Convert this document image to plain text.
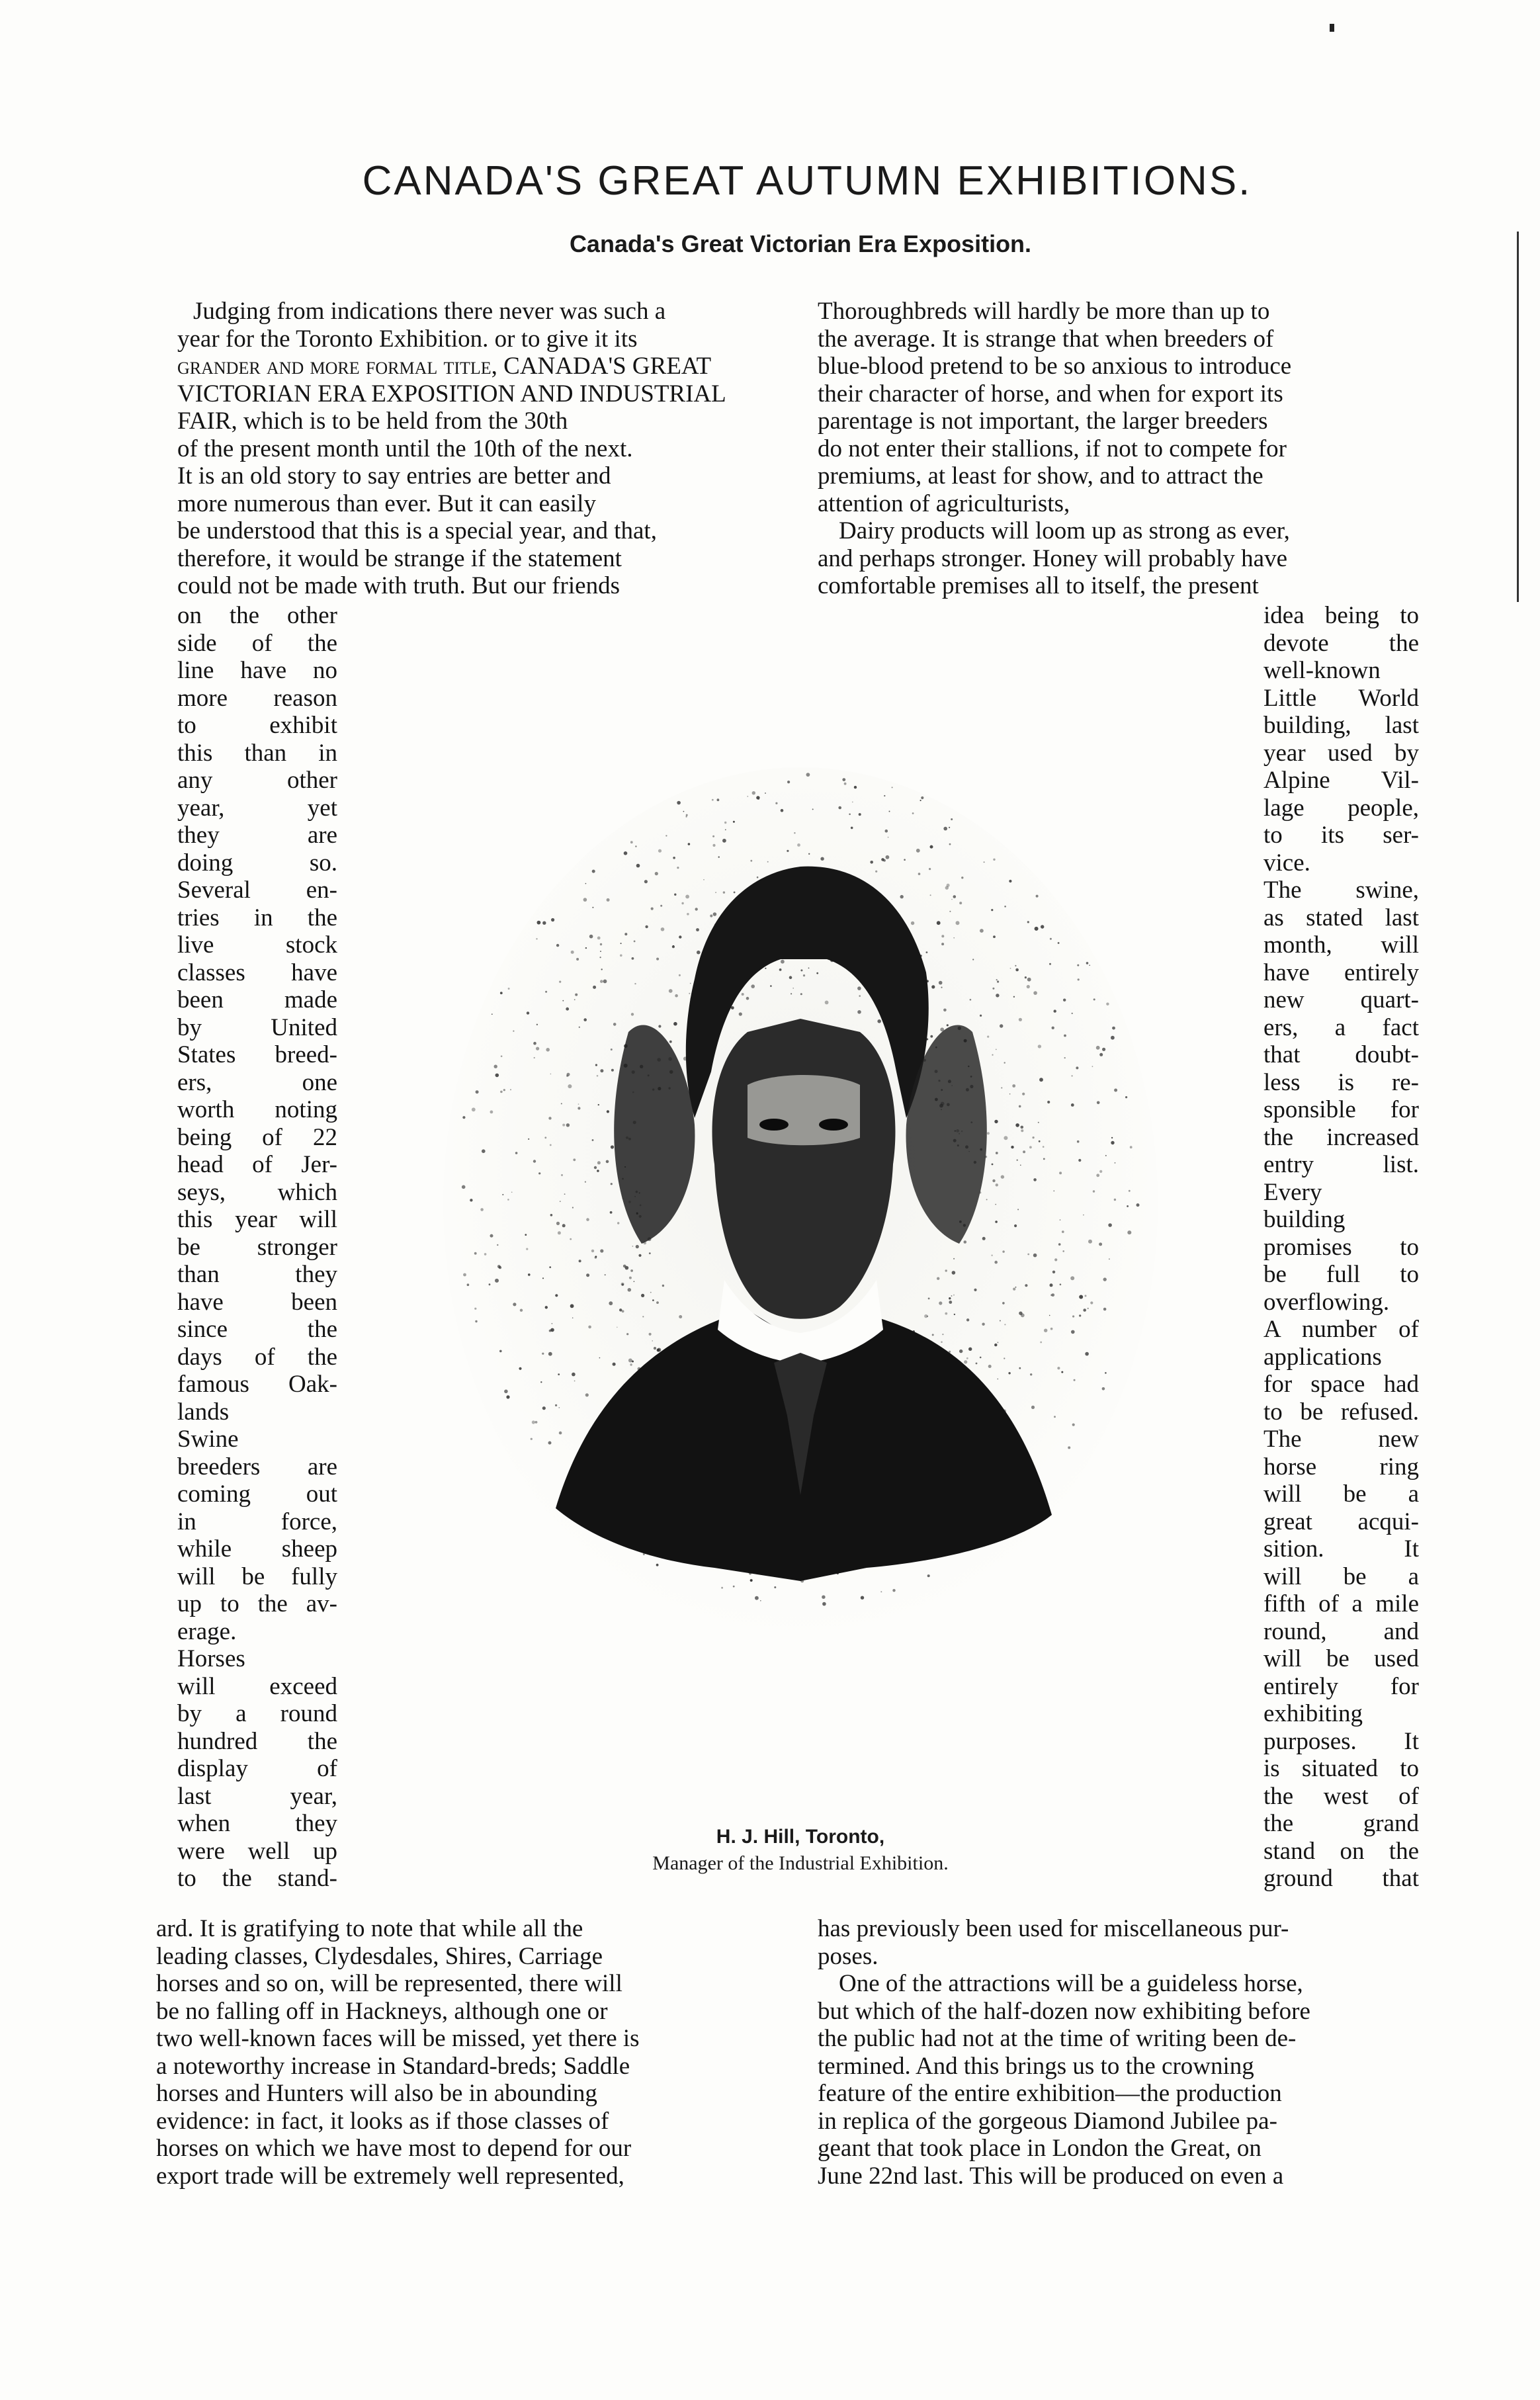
CANADA'S GREAT AUTUMN EXHIBITIONS.
Canada's Great Victorian Era Exposition.
Judging from indications there never was such a
year for the Toronto Exhibition. or to give it its
grander and more formal title, CANADA'S GREAT
VICTORIAN ERA EXPOSITION AND INDUSTRIAL
FAIR, which is to be held from the 30th
of the present month until the 10th of the next.
It is an old story to say entries are better and
more numerous than ever. But it can easily
be understood that this is a special year, and that,
therefore, it would be strange if the statement
could not be made with truth. But our friends
Thoroughbreds will hardly be more than up to
the average. It is strange that when breeders of
blue-blood pretend to be so anxious to introduce
their character of horse, and when for export its
parentage is not important, the larger breeders
do not enter their stallions, if not to compete for
premiums, at least for show, and to attract the
attention of agriculturists,
Dairy products will loom up as strong as ever,
and perhaps stronger. Honey will probably have
comfortable premises all to itself, the present
on the other
side of the
line have no
more reason
to exhibit
this than in
any other
year, yet
they are
doing so.
Several en-
tries in the
live stock
classes have
been made
by United
States breed-
ers, one
worth noting
being of 22
head of Jer-
seys, which
this year will
be stronger
than they
have been
since the
days of the
famous Oak-
lands
Swine
breeders are
coming out
in force,
while sheep
will be fully
up to the av-
erage.
Horses
will exceed
by a round
hundred the
display of
last year,
when they
were well up
to the stand-
idea being to
devote the
well-known
Little World
building, last
year used by
Alpine Vil-
lage people,
to its ser-
vice.
The swine,
as stated last
month, will
have entirely
new quart-
ers, a fact
that doubt-
less is re-
sponsible for
the increased
entry list.
Every
building
promises to
be full to
overflowing.
A number of
applications
for space had
to be refused.
The new
horse ring
will be a
great acqui-
sition. It
will be a
fifth of a mile
round, and
will be used
entirely for
exhibiting
purposes. It
is situated to
the west of
the grand
stand on the
ground that
H. J. Hill, Toronto,
Manager of the Industrial Exhibition.
ard. It is gratifying to note that while all the
leading classes, Clydesdales, Shires, Carriage
horses and so on, will be represented, there will
be no falling off in Hackneys, although one or
two well-known faces will be missed, yet there is
a noteworthy increase in Standard-breds; Saddle
horses and Hunters will also be in abounding
evidence: in fact, it looks as if those classes of
horses on which we have most to depend for our
export trade will be extremely well represented,
has previously been used for miscellaneous pur-
poses.
One of the attractions will be a guideless horse,
but which of the half-dozen now exhibiting before
the public had not at the time of writing been de-
termined. And this brings us to the crowning
feature of the entire exhibition—the production
in replica of the gorgeous Diamond Jubilee pa-
geant that took place in London the Great, on
June 22nd last. This will be produced on even a
